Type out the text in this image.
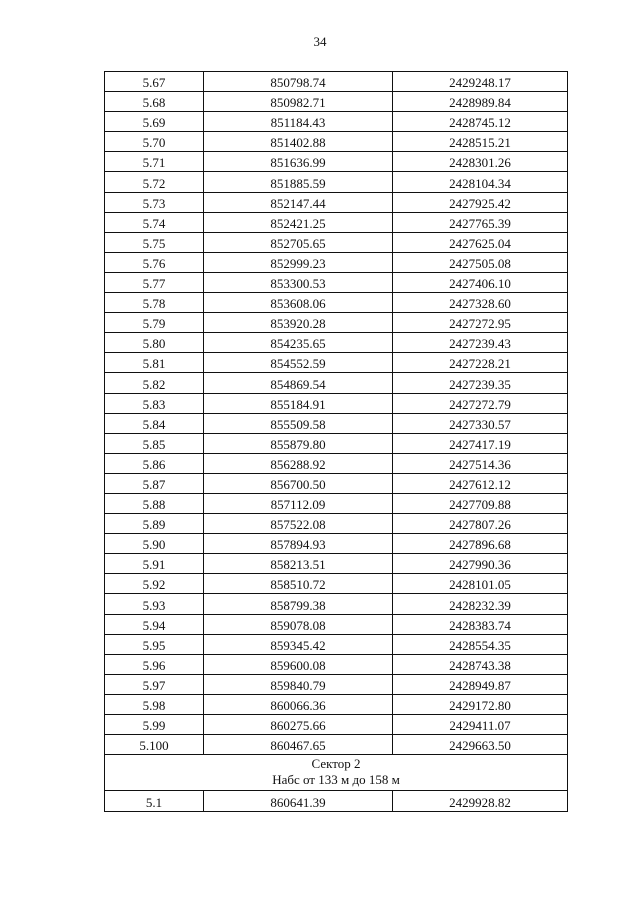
34
5.67	850798.74	2429248.17
5.68	850982.71	2428989.84
5.69	851184.43	2428745.12
5.70	851402.88	2428515.21
5.71	851636.99	2428301.26
5.72	851885.59	2428104.34
5.73	852147.44	2427925.42
5.74	852421.25	2427765.39
5.75	852705.65	2427625.04
5.76	852999.23	2427505.08
5.77	853300.53	2427406.10
5.78	853608.06	2427328.60
5.79	853920.28	2427272.95
5.80	854235.65	2427239.43
5.81	854552.59	2427228.21
5.82	854869.54	2427239.35
5.83	855184.91	2427272.79
5.84	855509.58	2427330.57
5.85	855879.80	2427417.19
5.86	856288.92	2427514.36
5.87	856700.50	2427612.12
5.88	857112.09	2427709.88
5.89	857522.08	2427807.26
5.90	857894.93	2427896.68
5.91	858213.51	2427990.36
5.92	858510.72	2428101.05
5.93	858799.38	2428232.39
5.94	859078.08	2428383.74
5.95	859345.42	2428554.35
5.96	859600.08	2428743.38
5.97	859840.79	2428949.87
5.98	860066.36	2429172.80
5.99	860275.66	2429411.07
5.100	860467.65	2429663.50

Сектор 2
Набс от 133 м до 158 м		

5.1	860641.39	2429928.82
